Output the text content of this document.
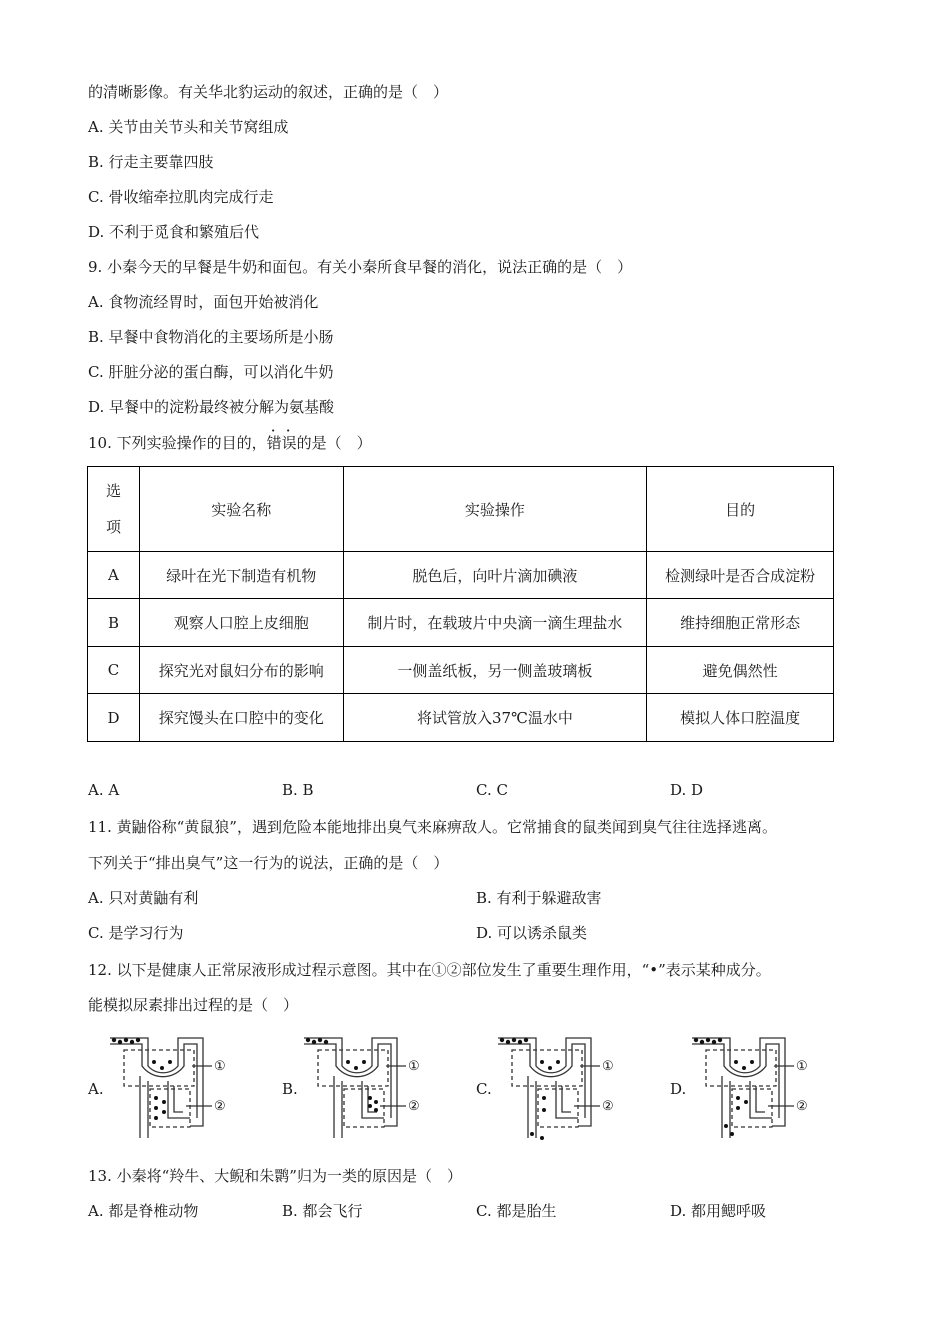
的清晰影像。有关华北豹运动的叙述，正确的是（　）
A. 关节由关节头和关节窝组成
B. 行走主要靠四肢
C. 骨收缩牵拉肌肉完成行走
D. 不利于觅食和繁殖后代
9. 小秦今天的早餐是牛奶和面包。有关小秦所食早餐的消化，说法正确的是（　）
A. 食物流经胃时，面包开始被消化
B. 早餐中食物消化的主要场所是小肠
C. 肝脏分泌的蛋白酶，可以消化牛奶
D. 早餐中的淀粉最终被分解为氨基酸
10. 下列实验操作的目的，错误的是（　）
选
项	实验名称	实验操作	目的
A	绿叶在光下制造有机物	脱色后，向叶片滴加碘液	检测绿叶是否合成淀粉
B	观察人口腔上皮细胞	制片时，在载玻片中央滴一滴生理盐水	维持细胞正常形态
C	探究光对鼠妇分布的影响	一侧盖纸板，另一侧盖玻璃板	避免偶然性
D	探究馒头在口腔中的变化	将试管放入37℃温水中	模拟人体口腔温度
A. A	B. B	C. C	D. D
11. 黄鼬俗称“黄鼠狼”，遇到危险本能地排出臭气来麻痹敌人。它常捕食的鼠类闻到臭气往往选择逃离。
下列关于“排出臭气”这一行为的说法，正确的是（　）
A. 只对黄鼬有利	B. 有利于躲避敌害
C. 是学习行为	D. 可以诱杀鼠类
12. 以下是健康人正常尿液形成过程示意图。其中在①②部位发生了重要生理作用，“•”表示某种成分。
能模拟尿素排出过程的是（　）
A.	B.	C.	D.
①
②
①
②
①
②
①
②
13. 小秦将“羚牛、大鲵和朱鹮”归为一类的原因是（　）
A. 都是脊椎动物	B. 都会飞行	C. 都是胎生	D. 都用鳃呼吸
